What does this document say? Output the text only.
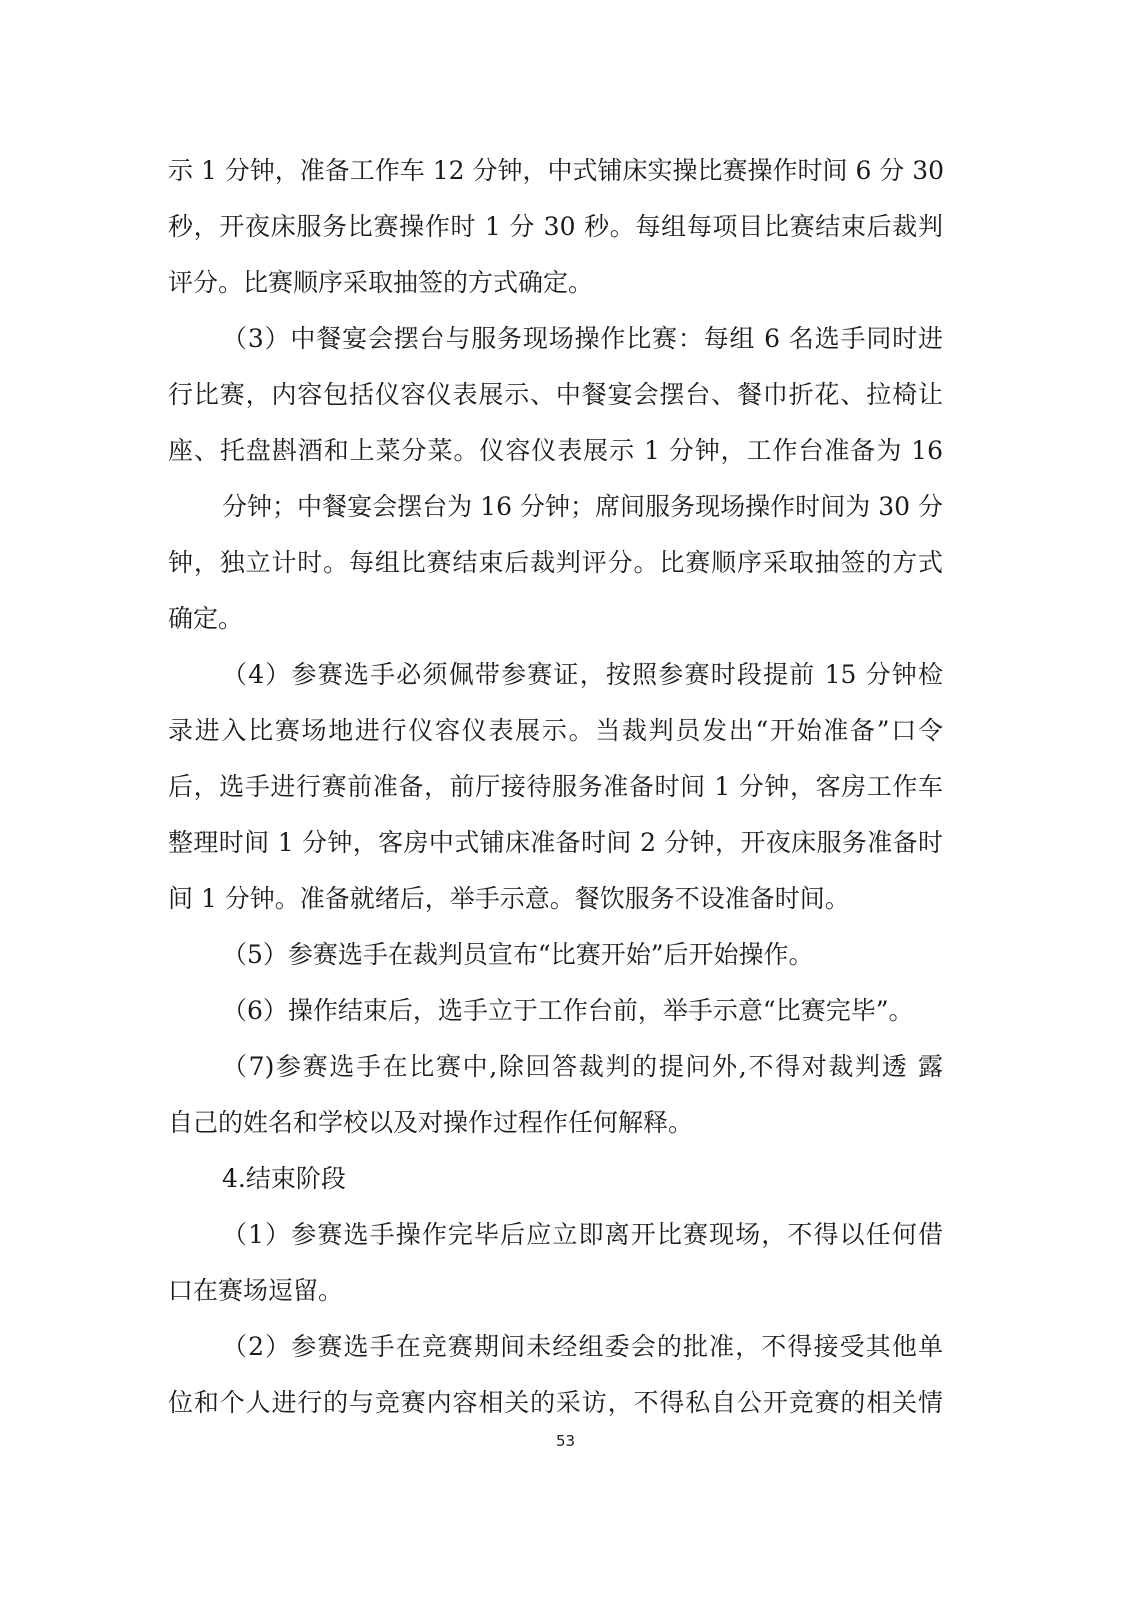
示 1 分钟，准备工作车 12 分钟，中式铺床实操比赛操作时间 6 分 30
秒，开夜床服务比赛操作时 1 分 30 秒。每组每项目比赛结束后裁判
评分。比赛顺序采取抽签的方式确定。
（3）中餐宴会摆台与服务现场操作比赛：每组 6 名选手同时进
行比赛，内容包括仪容仪表展示、中餐宴会摆台、餐巾折花、拉椅让
座、托盘斟酒和上菜分菜。仪容仪表展示 1 分钟，工作台准备为 16
分钟；中餐宴会摆台为 16 分钟；席间服务现场操作时间为 30 分
钟，独立计时。每组比赛结束后裁判评分。比赛顺序采取抽签的方式
确定。
（4）参赛选手必须佩带参赛证，按照参赛时段提前 15 分钟检
录进入比赛场地进行仪容仪表展示。当裁判员发出“开始准备”口令
后，选手进行赛前准备，前厅接待服务准备时间 1 分钟，客房工作车
整理时间 1 分钟，客房中式铺床准备时间 2 分钟，开夜床服务准备时
间 1 分钟。准备就绪后，举手示意。餐饮服务不设准备时间。
（5）参赛选手在裁判员宣布“比赛开始”后开始操作。
（6）操作结束后，选手立于工作台前，举手示意“比赛完毕”。
（7)参赛选手在比赛中,除回答裁判的提问外,不得对裁判透 露
自己的姓名和学校以及对操作过程作任何解释。
4.结束阶段
（1）参赛选手操作完毕后应立即离开比赛现场，不得以任何借
口在赛场逗留。
（2）参赛选手在竞赛期间未经组委会的批准，不得接受其他单
位和个人进行的与竞赛内容相关的采访，不得私自公开竞赛的相关情
53
